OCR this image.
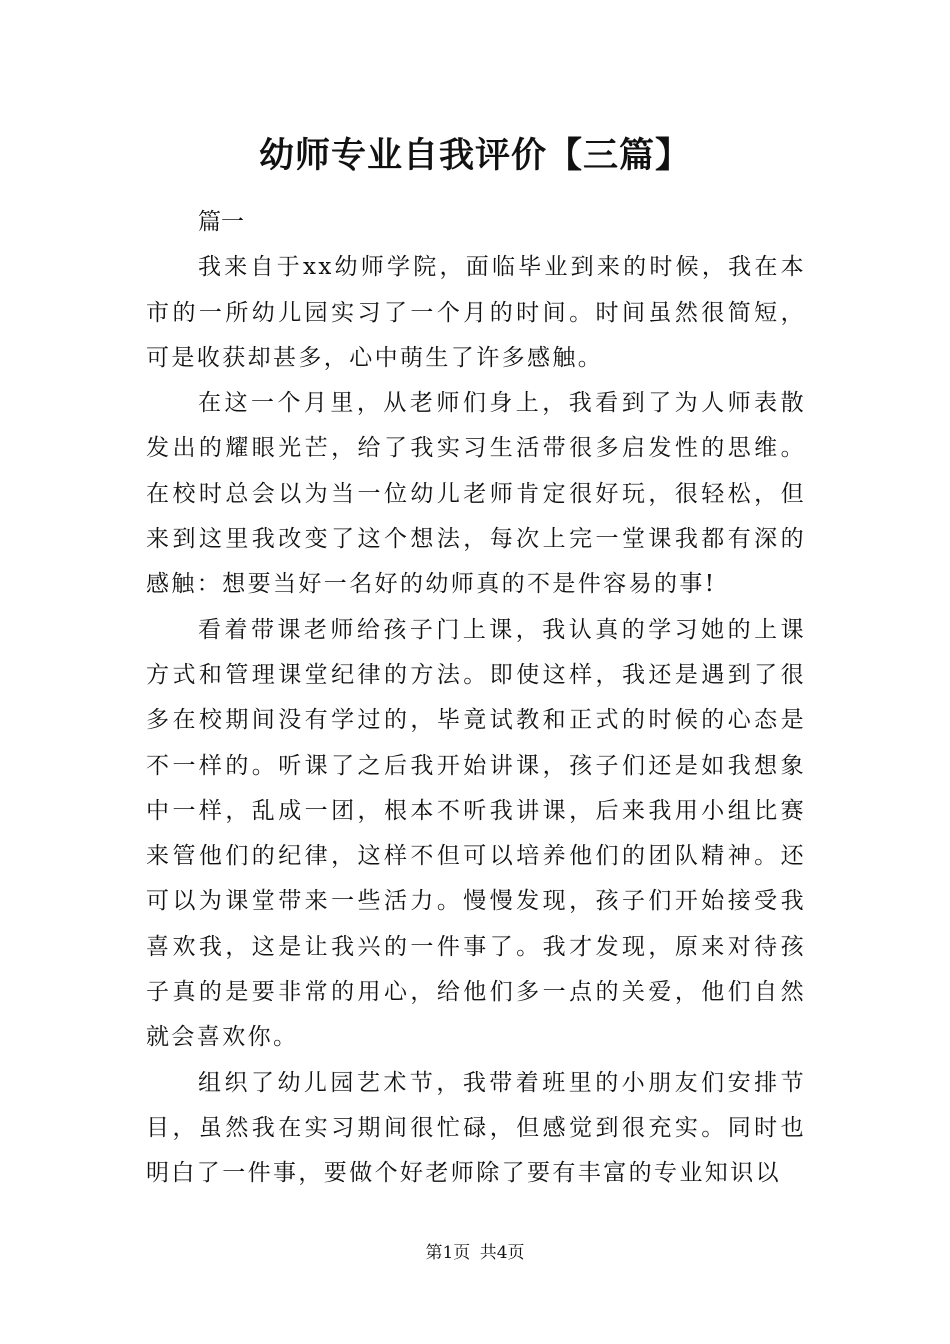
幼师专业自我评价【三篇】

篇一

我来自于xx幼师学院，面临毕业到来的时候，我在本市的一所幼儿园实习了一个月的时间。时间虽然很简短，可是收获却甚多，心中萌生了许多感触。

在这一个月里，从老师们身上，我看到了为人师表散发出的耀眼光芒，给了我实习生活带很多启发性的思维。在校时总会以为当一位幼儿老师肯定很好玩，很轻松，但来到这里我改变了这个想法，每次上完一堂课我都有深的感触：想要当好一名好的幼师真的不是件容易的事!

看着带课老师给孩子门上课，我认真的学习她的上课方式和管理课堂纪律的方法。即使这样，我还是遇到了很多在校期间没有学过的，毕竟试教和正式的时候的心态是不一样的。听课了之后我开始讲课，孩子们还是如我想象中一样，乱成一团，根本不听我讲课，后来我用小组比赛来管他们的纪律，这样不但可以培养他们的团队精神。还可以为课堂带来一些活力。慢慢发现，孩子们开始接受我喜欢我，这是让我兴的一件事了。我才发现，原来对待孩子真的是要非常的用心，给他们多一点的关爱，他们自然就会喜欢你。

组织了幼儿园艺术节，我带着班里的小朋友们安排节目，虽然我在实习期间很忙碌，但感觉到很充实。同时也明白了一件事，要做个好老师除了要有丰富的专业知识以

第1页 共4页
